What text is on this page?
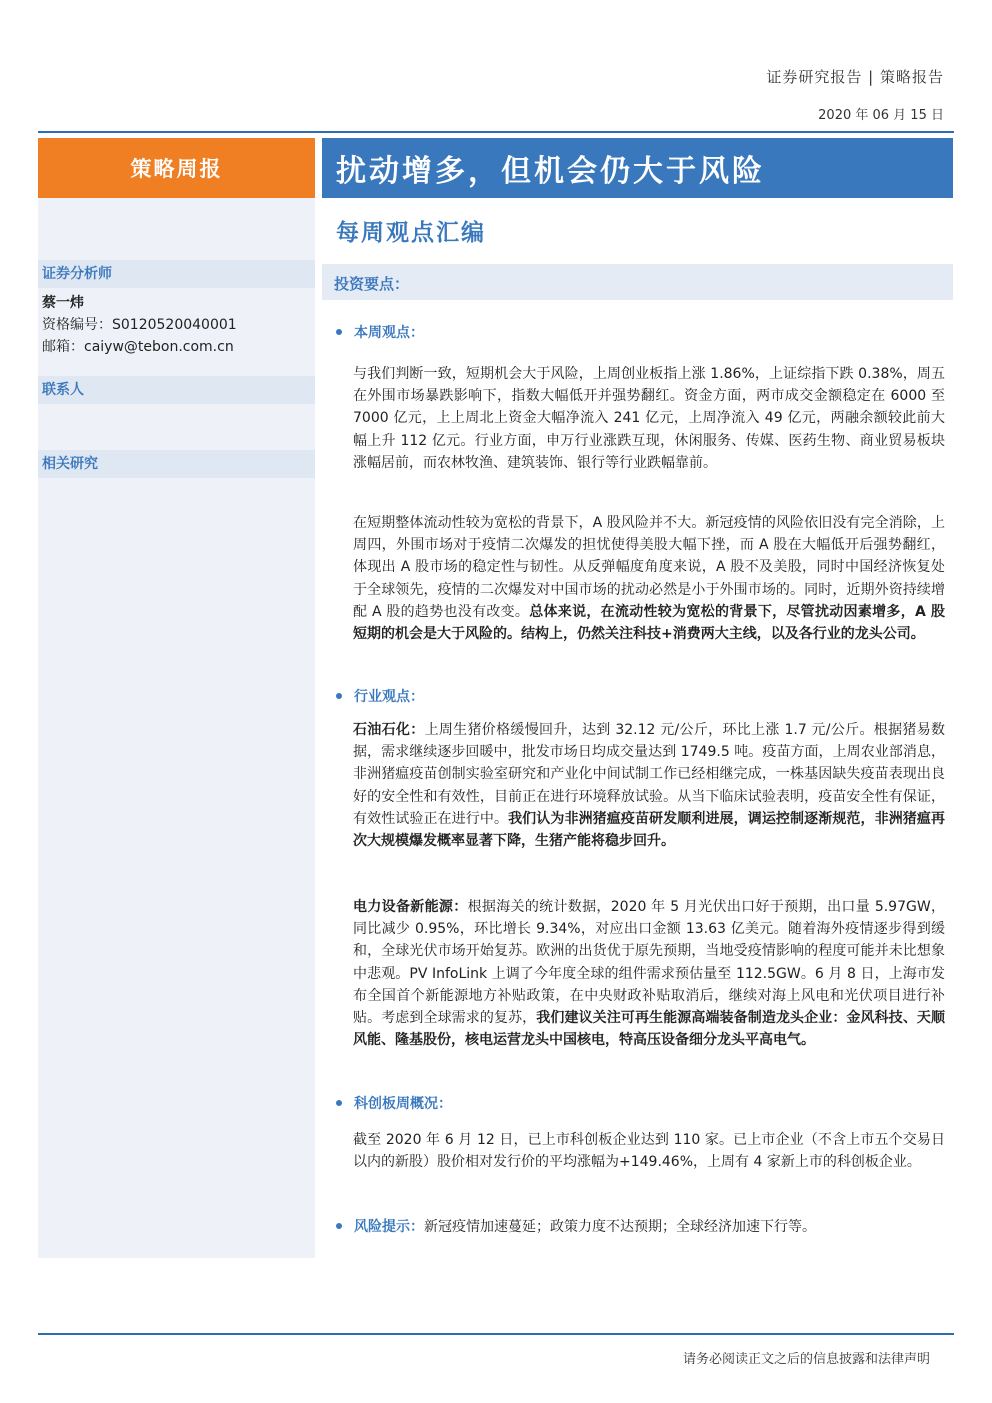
证券研究报告 | 策略报告
2020 年 06 月 15 日
策略周报	扰动增多，但机会仍大于风险
证券分析师
蔡一炜
资格编号：S0120520040001
邮箱：caiyw@tebon.com.cn
联系人
相关研究
每周观点汇编
投资要点：
本周观点：
与我们判断一致，短期机会大于风险，上周创业板指上涨 1.86%，上证综指下跌 0.38%，周五在外围市场暴跌影响下，指数大幅低开并强势翻红。资金方面，两市成交金额稳定在 6000 至 7000 亿元，上上周北上资金大幅净流入 241 亿元，上周净流入 49 亿元，两融余额较此前大幅上升 112 亿元。行业方面，申万行业涨跌互现，休闲服务、传媒、医药生物、商业贸易板块涨幅居前，而农林牧渔、建筑装饰、银行等行业跌幅靠前。
在短期整体流动性较为宽松的背景下，A 股风险并不大。新冠疫情的风险依旧没有完全消除，上周四，外围市场对于疫情二次爆发的担忧使得美股大幅下挫，而 A 股在大幅低开后强势翻红，体现出 A 股市场的稳定性与韧性。从反弹幅度角度来说，A 股不及美股，同时中国经济恢复处于全球领先，疫情的二次爆发对中国市场的扰动必然是小于外围市场的。同时，近期外资持续增配 A 股的趋势也没有改变。总体来说，在流动性较为宽松的背景下，尽管扰动因素增多，A 股短期的机会是大于风险的。结构上，仍然关注科技+消费两大主线，以及各行业的龙头公司。
行业观点：
石油石化：上周生猪价格缓慢回升，达到 32.12 元/公斤，环比上涨 1.7 元/公斤。根据猪易数据，需求继续逐步回暖中，批发市场日均成交量达到 1749.5 吨。疫苗方面，上周农业部消息，非洲猪瘟疫苗创制实验室研究和产业化中间试制工作已经相继完成，一株基因缺失疫苗表现出良好的安全性和有效性，目前正在进行环境释放试验。从当下临床试验表明，疫苗安全性有保证，有效性试验正在进行中。我们认为非洲猪瘟疫苗研发顺利进展，调运控制逐渐规范，非洲猪瘟再次大规模爆发概率显著下降，生猪产能将稳步回升。
电力设备新能源：根据海关的统计数据，2020 年 5 月光伏出口好于预期，出口量 5.97GW，同比减少 0.95%，环比增长 9.34%，对应出口金额 13.63 亿美元。随着海外疫情逐步得到缓和，全球光伏市场开始复苏。欧洲的出货优于原先预期，当地受疫情影响的程度可能并未比想象中悲观。PV InfoLink 上调了今年度全球的组件需求预估量至 112.5GW。6 月 8 日，上海市发布全国首个新能源地方补贴政策，在中央财政补贴取消后，继续对海上风电和光伏项目进行补贴。考虑到全球需求的复苏，我们建议关注可再生能源高端装备制造龙头企业：金风科技、天顺风能、隆基股份，核电运营龙头中国核电，特高压设备细分龙头平高电气。
科创板周概况：
截至 2020 年 6 月 12 日，已上市科创板企业达到 110 家。已上市企业（不含上市五个交易日以内的新股）股价相对发行价的平均涨幅为+149.46%，上周有 4 家新上市的科创板企业。
风险提示： 新冠疫情加速蔓延；政策力度不达预期；全球经济加速下行等。
请务必阅读正文之后的信息披露和法律声明
